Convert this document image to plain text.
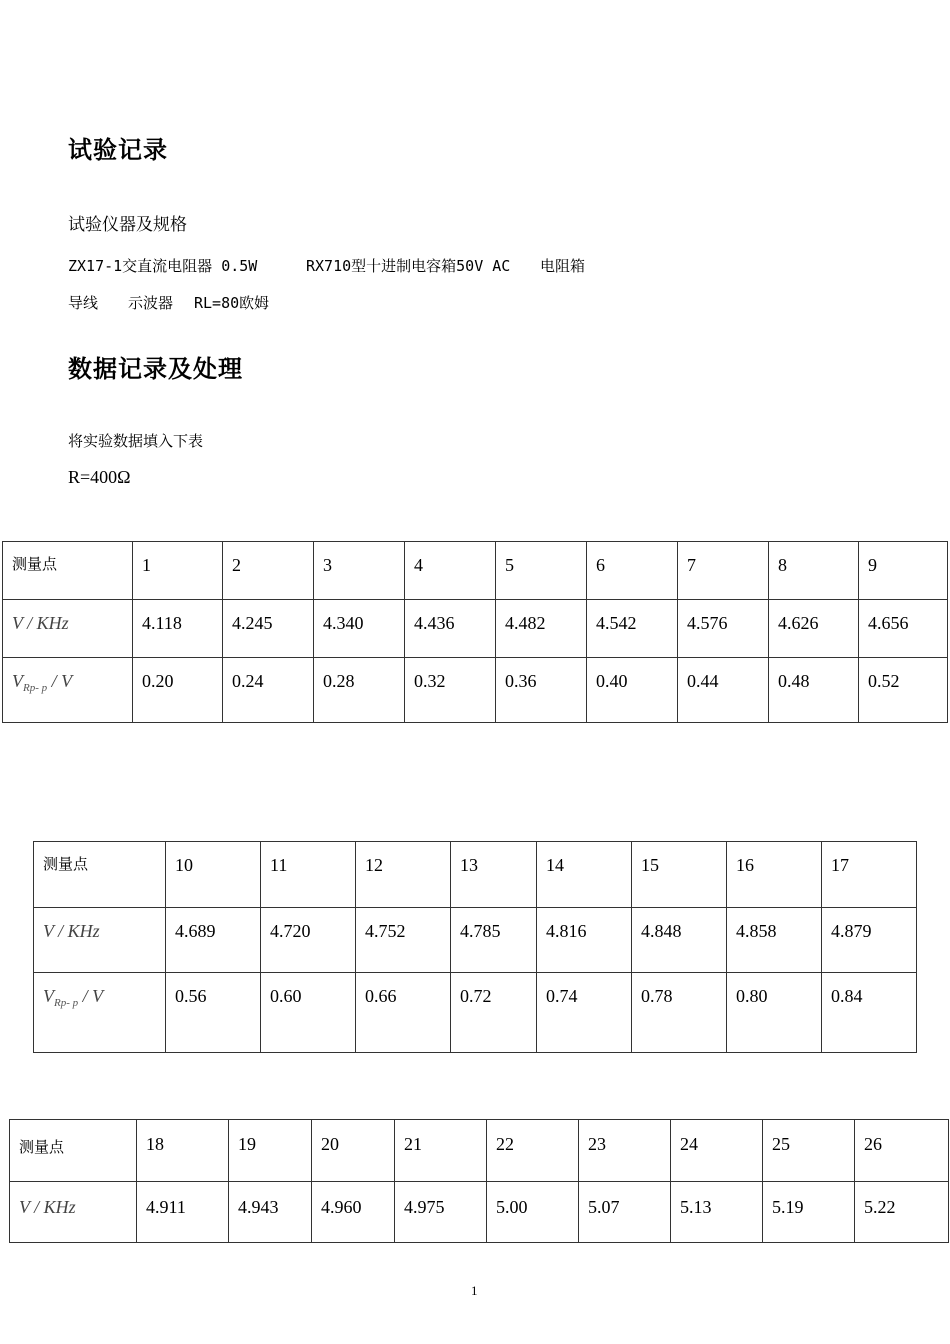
试验记录
试验仪器及规格
ZX17-1交直流电阻器 0.5W	RX710型十进制电容箱50V AC 电阻箱
导线 示波器 RL=80欧姆
数据记录及处理
将实验数据填入下表
R=400Ω
测量点	1	2	3	4	5	6	7	8	9

V / KHz	4.118	4.245	4.340	4.436	4.482	4.542	4.576	4.626	4.656

$V_{Rp- p}$ / V	0.20	0.24	0.28	0.32	0.36	0.40	0.44	0.48	0.52
测量点	10	11	12	13	14	15	16	17

V / KHz	4.689	4.720	4.752	4.785	4.816	4.848	4.858	4.879

$V_{Rp- p}$ / V	0.56	0.60	0.66	0.72	0.74	0.78	0.80	0.84
测量点	18	19	20	21	22	23	24	25	26

V / KHz	4.911	4.943	4.960	4.975	5.00	5.07	5.13	5.19	5.22
1
